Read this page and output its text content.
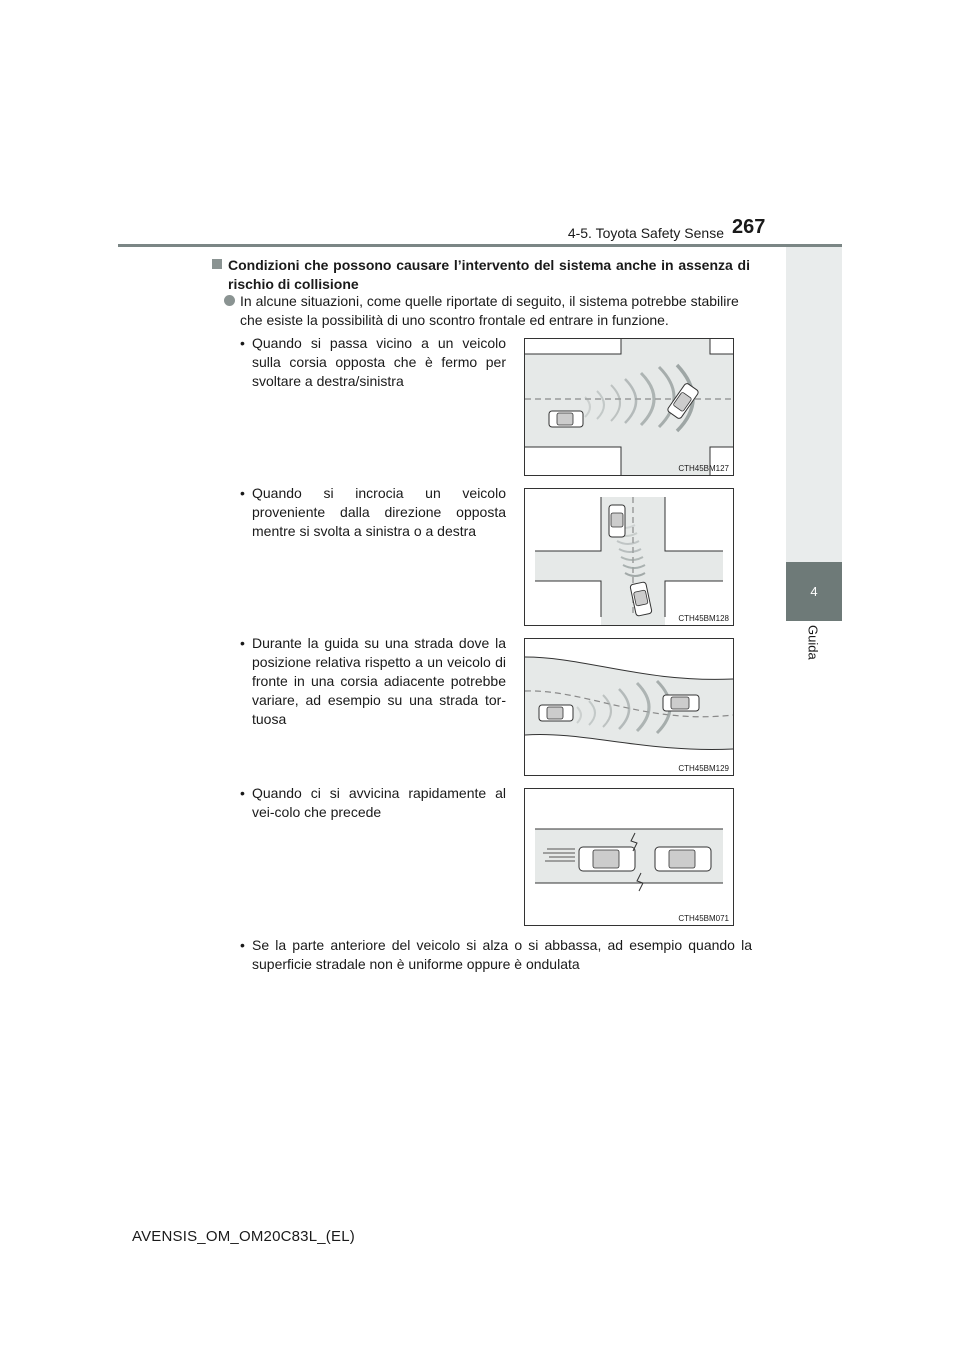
4-5. Toyota Safety Sense 267
4
Guida
Condizioni che possono causare l’intervento del sistema anche in assenza di rischio di collisione
In alcune situazioni, come quelle riportate di seguito, il sistema potrebbe stabilire che esiste la possibilità di uno scontro frontale ed entrare in funzione.
• Quando si passa vicino a un veicolo sulla corsia opposta che è fermo per svoltare a destra/sinistra
CTH45BM127
• Quando si incrocia un veicolo proveniente dalla direzione opposta mentre si svolta a sinistra o a destra
CTH45BM128
• Durante la guida su una strada dove la posizione relativa rispetto a un veicolo di fronte in una corsia adiacente potrebbe variare, ad esempio su una strada tor-tuosa
CTH45BM129
• Quando ci si avvicina rapidamente al vei-colo che precede
CTH45BM071
• Se la parte anteriore del veicolo si alza o si abbassa, ad esempio quando la superficie stradale non è uniforme oppure è ondulata
AVENSIS_OM_OM20C83L_(EL)
